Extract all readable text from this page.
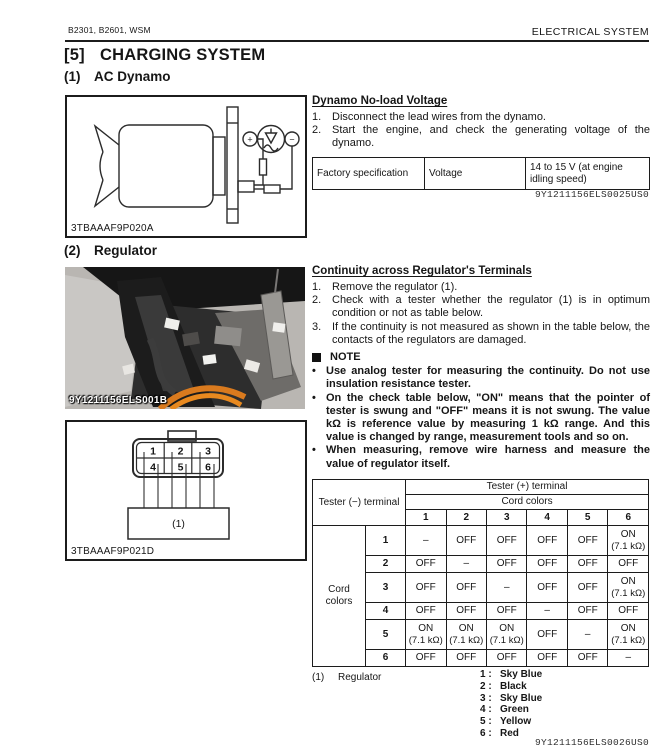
B2301, B2601, WSM	ELECTRICAL SYSTEM
[5] CHARGING SYSTEM
(1) AC Dynamo
(2) Regulator
+	−
3TBAAAF9P020A
9Y1211156ELS001B
1 2 3
4 5 6
(1)
3TBAAAF9P021D
Dynamo No-load Voltage
1. Disconnect the lead wires from the dynamo.
2. Start the engine, and check the generating voltage of the dynamo.
Factory specification	Voltage	14 to 15 V (at engine idling speed)
9Y1211156ELS0025US0
Continuity across Regulator's Terminals
1. Remove the regulator (1).
2. Check with a tester whether the regulator (1) is in optimum condition or not as table below.
3. If the continuity is not measured as shown in the table below, the contacts of the regulators are damaged.
NOTE
• Use analog tester for measuring the continuity. Do not use insulation resistance tester.
• On the check table below, "ON" means that the pointer of tester is swung and "OFF" means it is not swung. The value kΩ is reference value by measuring 1 kΩ range. And this value is changed by range, measurement tools and so on.
• When measuring, remove wire harness and measure the value of regulator itself.
Tester (−) terminal		Tester (+) terminal					
		Cord colors					
		1	2	3	4	5	6
Cord
colors	1	–	OFF	OFF	OFF	OFF	ON
(7.1 kΩ)
	2	OFF	–	OFF	OFF	OFF	OFF
	3	OFF	OFF	–	OFF	OFF	ON
(7.1 kΩ)
	4	OFF	OFF	OFF	–	OFF	OFF
	5	ON
(7.1 kΩ)	ON
(7.1 kΩ)	ON
(7.1 kΩ)	OFF	–	ON
(7.1 kΩ)
	6	OFF	OFF	OFF	OFF	OFF	–
(1) Regulator	1 : Sky Blue
2 : Black
3 : Sky Blue
4 : Green
5 : Yellow
6 : Red
9Y1211156ELS0026US0
